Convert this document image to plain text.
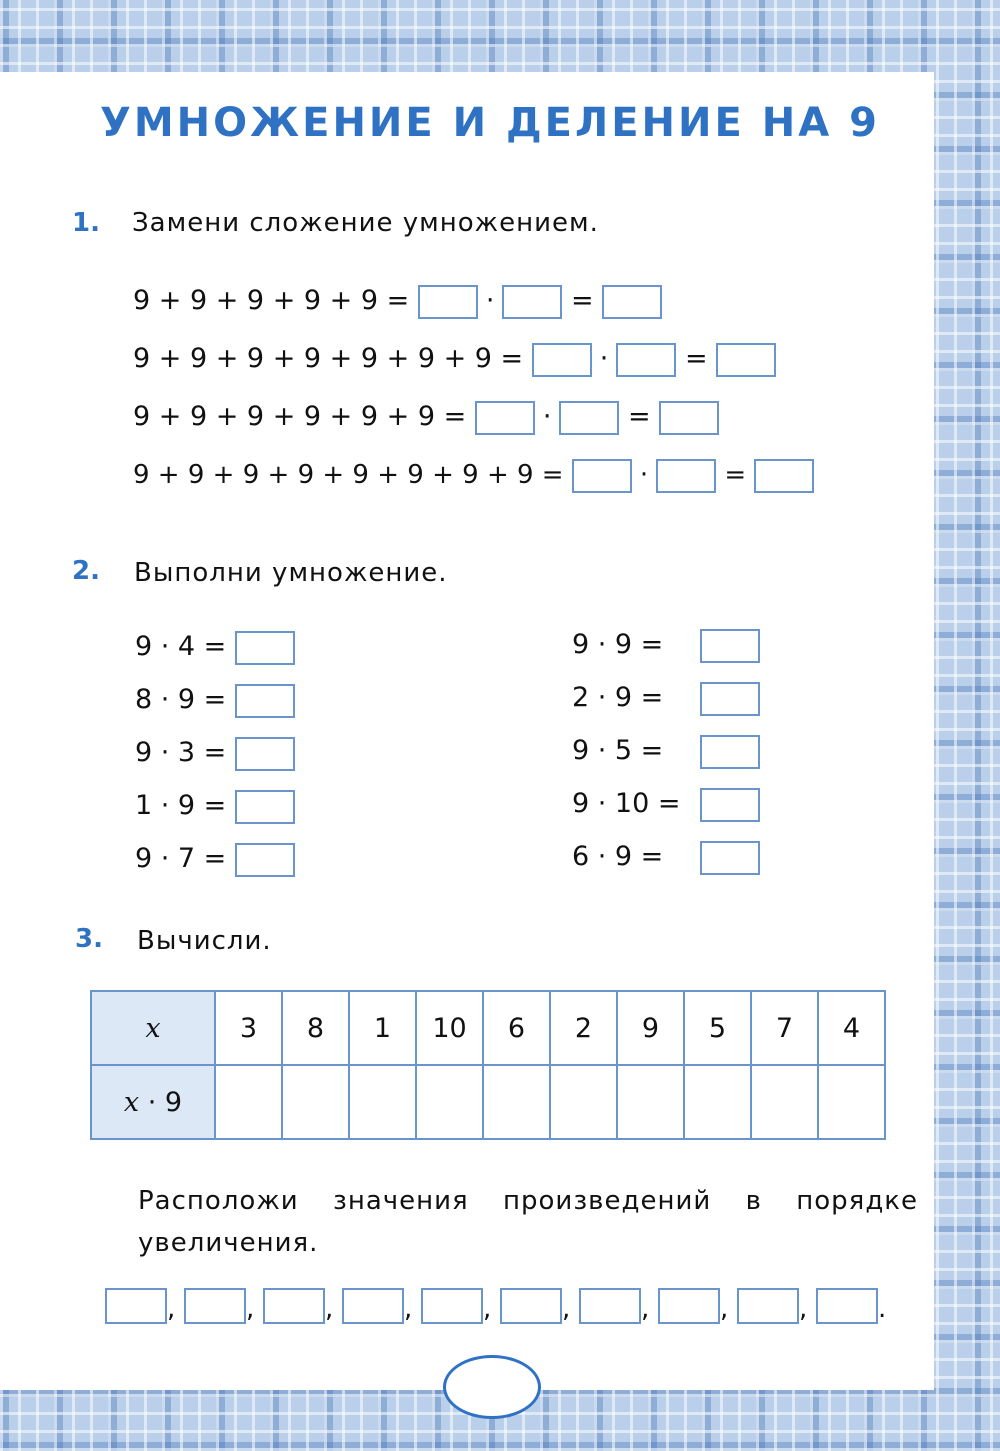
УМНОЖЕНИЕ И ДЕЛЕНИЕ НА 9
1. Замени сложение умножением.
9 + 9 + 9 + 9 + 9 =	·	=
9 + 9 + 9 + 9 + 9 + 9 + 9 =	·	=
9 + 9 + 9 + 9 + 9 + 9 =	·	=
9 + 9 + 9 + 9 + 9 + 9 + 9 + 9 =	·	=
2. Выполни умножение.
9 · 4 =
8 · 9 =
9 · 3 =
1 · 9 =
9 · 7 =
9 · 9 =
2 · 9 =
9 · 5 =
9 · 10 =
6 · 9 =
3. Вычисли.
x	3	8	1	10	6	2	9	5	7	4
x · 9										
Расположи значения произведений в порядке увеличения.
,	,	,	,	,	,	,	,	,	.
